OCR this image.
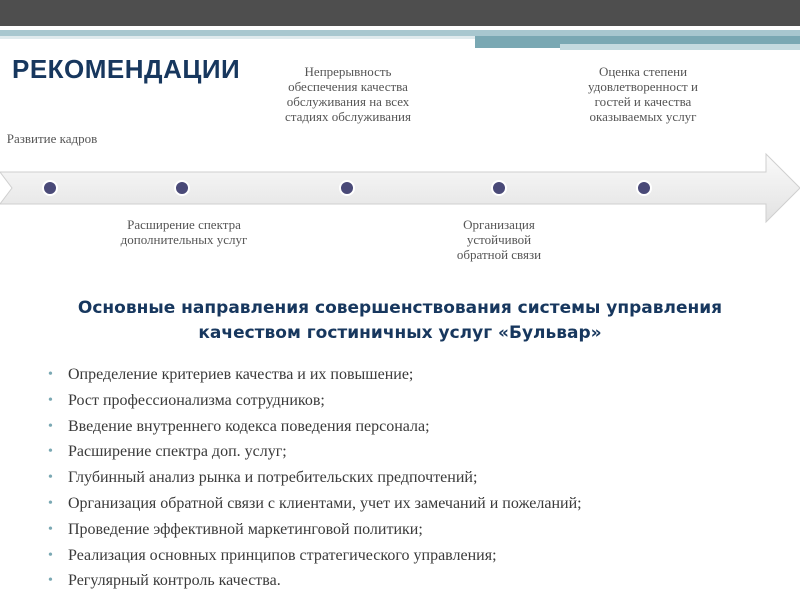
РЕКОМЕНДАЦИИ
Развитие кадров
Непрерывность обеспечения качества обслуживания на всех стадиях обслуживания
Оценка степени удовлетворенност и гостей и качества оказываемых услуг
Расширение спектра дополнительных услуг
Организация устойчивой обратной связи
Основные направления совершенствования системы управления качеством гостиничных услуг «Бульвар»
• Определение критериев качества и их повышение;
• Рост профессионализма сотрудников;
• Введение внутреннего кодекса поведения персонала;
• Расширение спектра доп. услуг;
• Глубинный анализ рынка и потребительских предпочтений;
• Организация обратной связи с клиентами, учет их замечаний и пожеланий;
• Проведение эффективной маркетинговой политики;
• Реализация основных принципов стратегического управления;
• Регулярный контроль качества.
